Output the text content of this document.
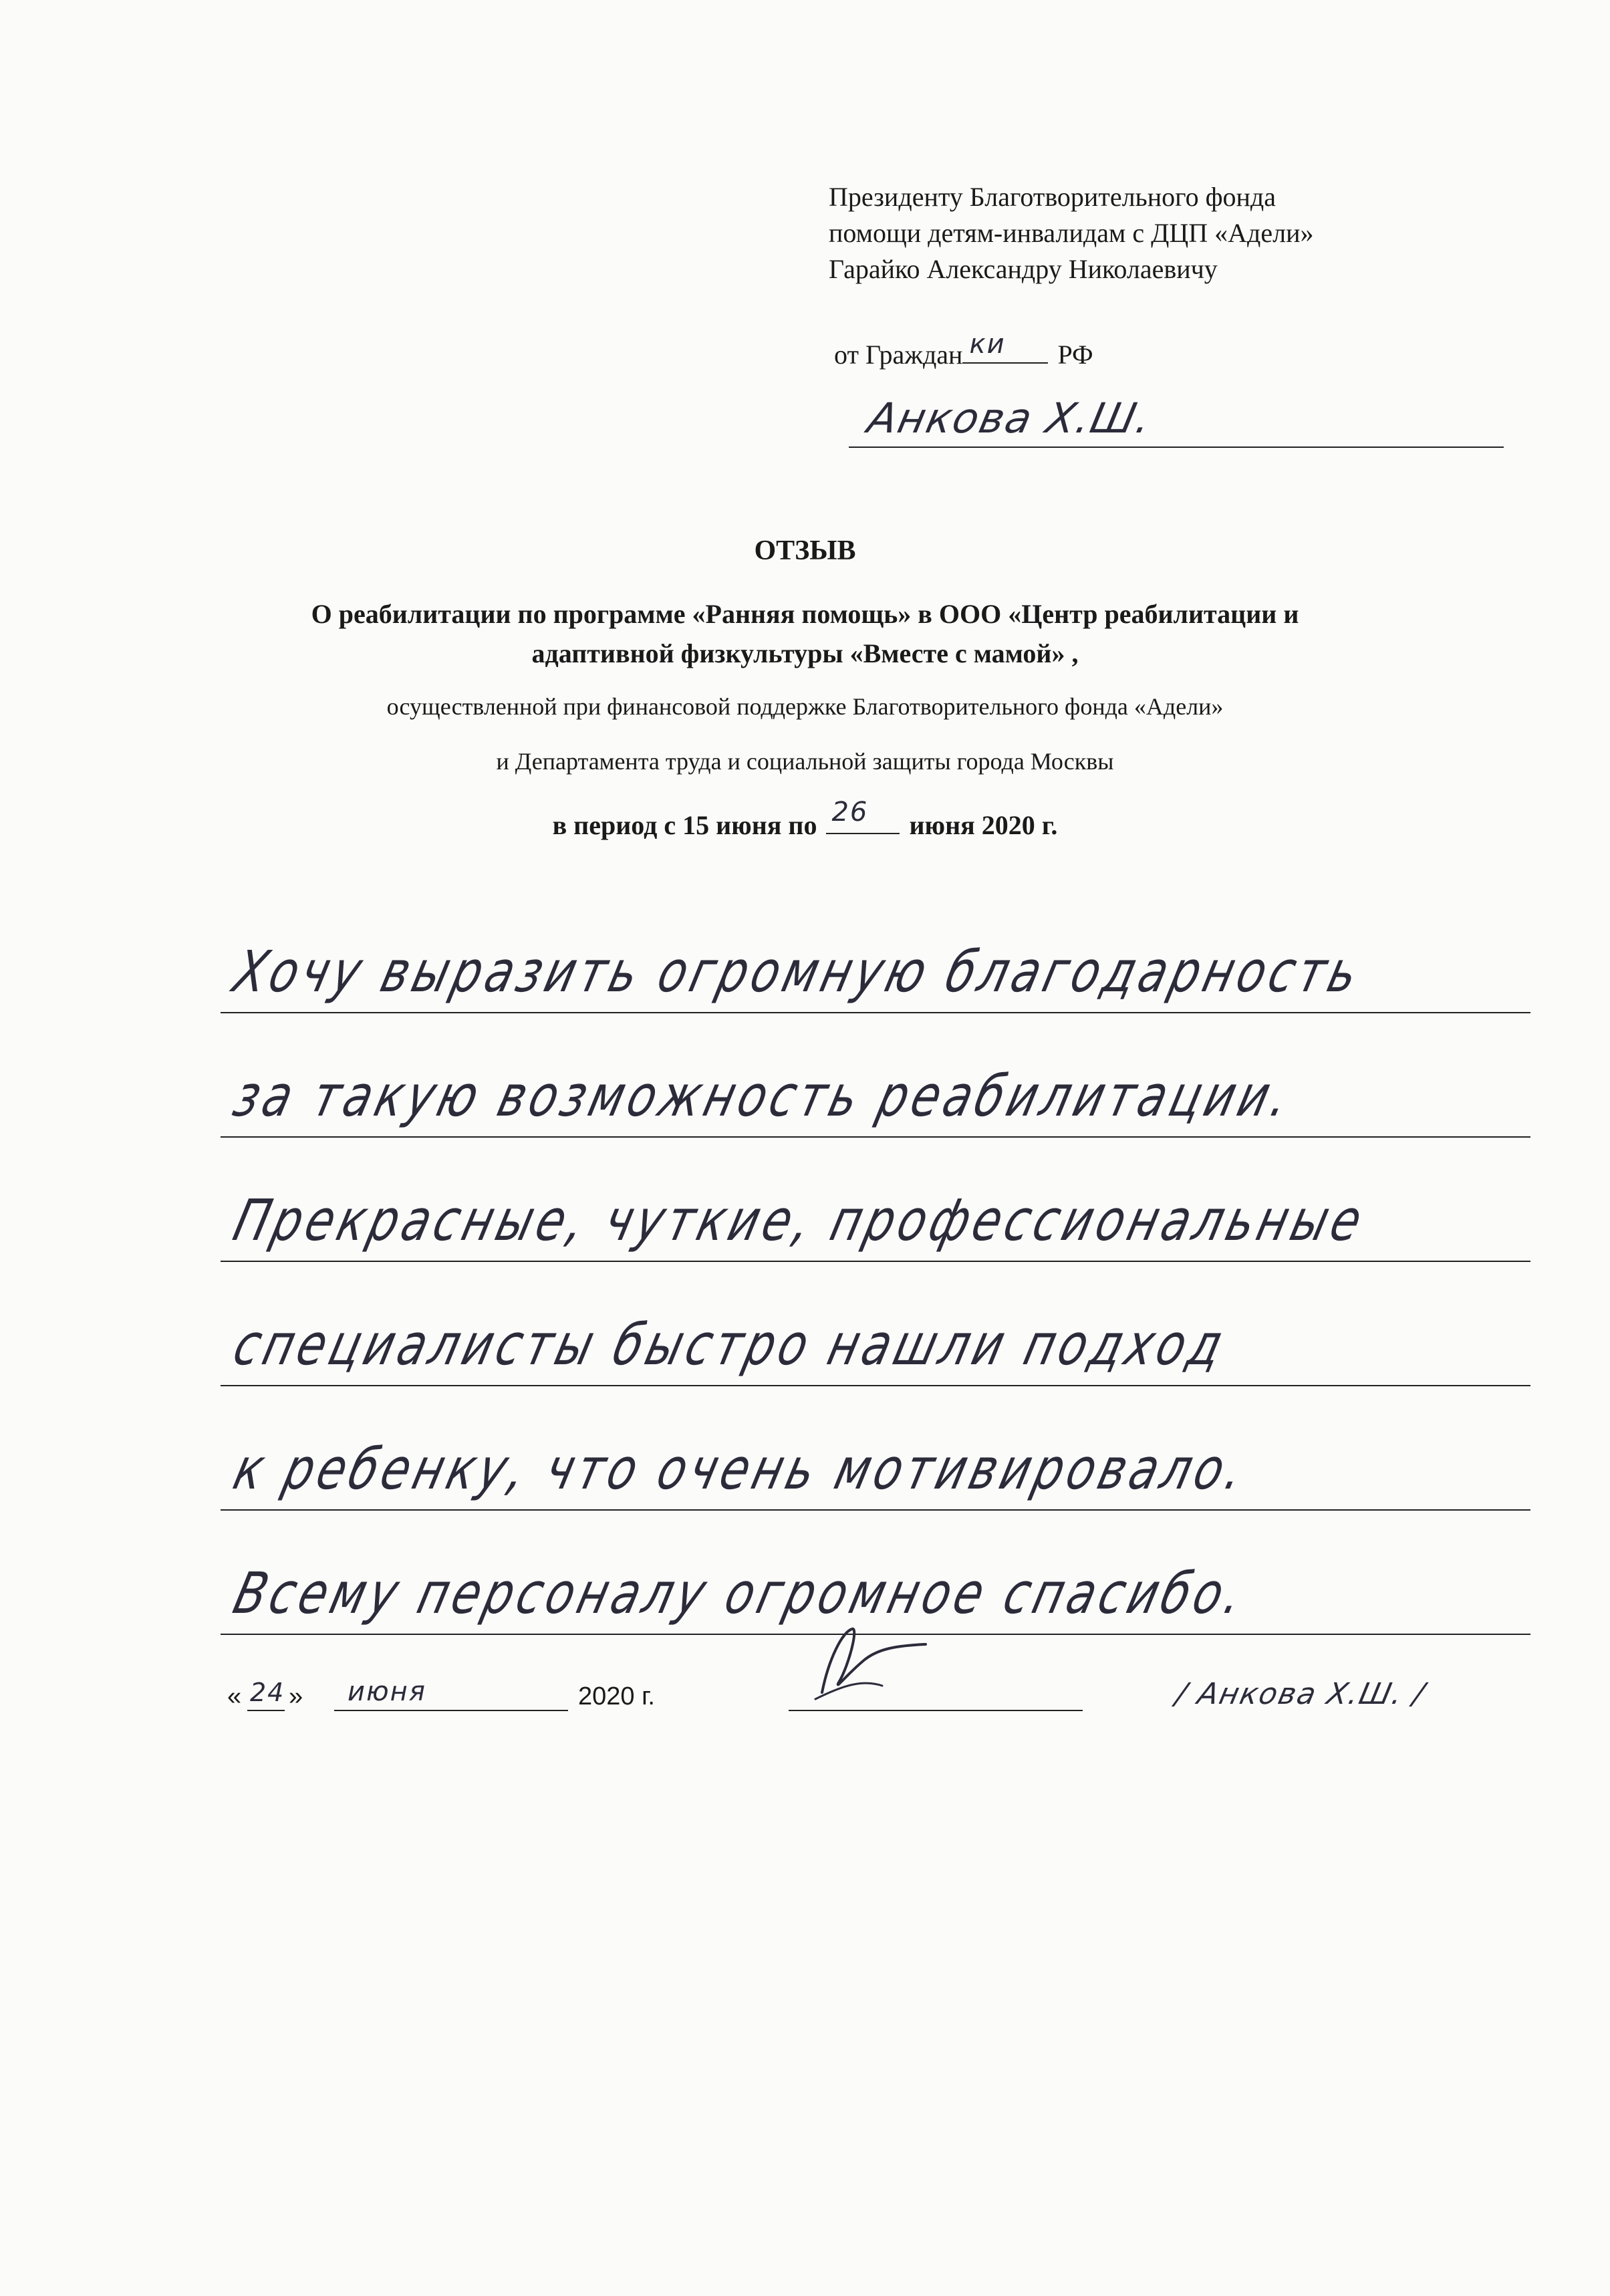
Президенту Благотворительного фонда
помощи детям-инвалидам с ДЦП «Адели»
Гарайко Александру Николаевичу
от Граждан ки РФ
Анкова Х.Ш.
ОТЗЫВ
О реабилитации по программе «Ранняя помощь» в ООО «Центр реабилитации и
адаптивной физкультуры «Вместе с мамой» ,
осуществленной при финансовой поддержке Благотворительного фонда «Адели»
и Департамента труда и социальной защиты города Москвы
в период с 15 июня по 26 июня 2020 г.
Хочу выразить огромную благодарность
за такую возможность реабилитации.
Прекрасные, чуткие, профессиональные
специалисты быстро нашли подход
к ребенку, что очень мотивировало.
Всему персоналу огромное спасибо.
« 24 » июня	2020 г.	/ Анкова Х.Ш. /
